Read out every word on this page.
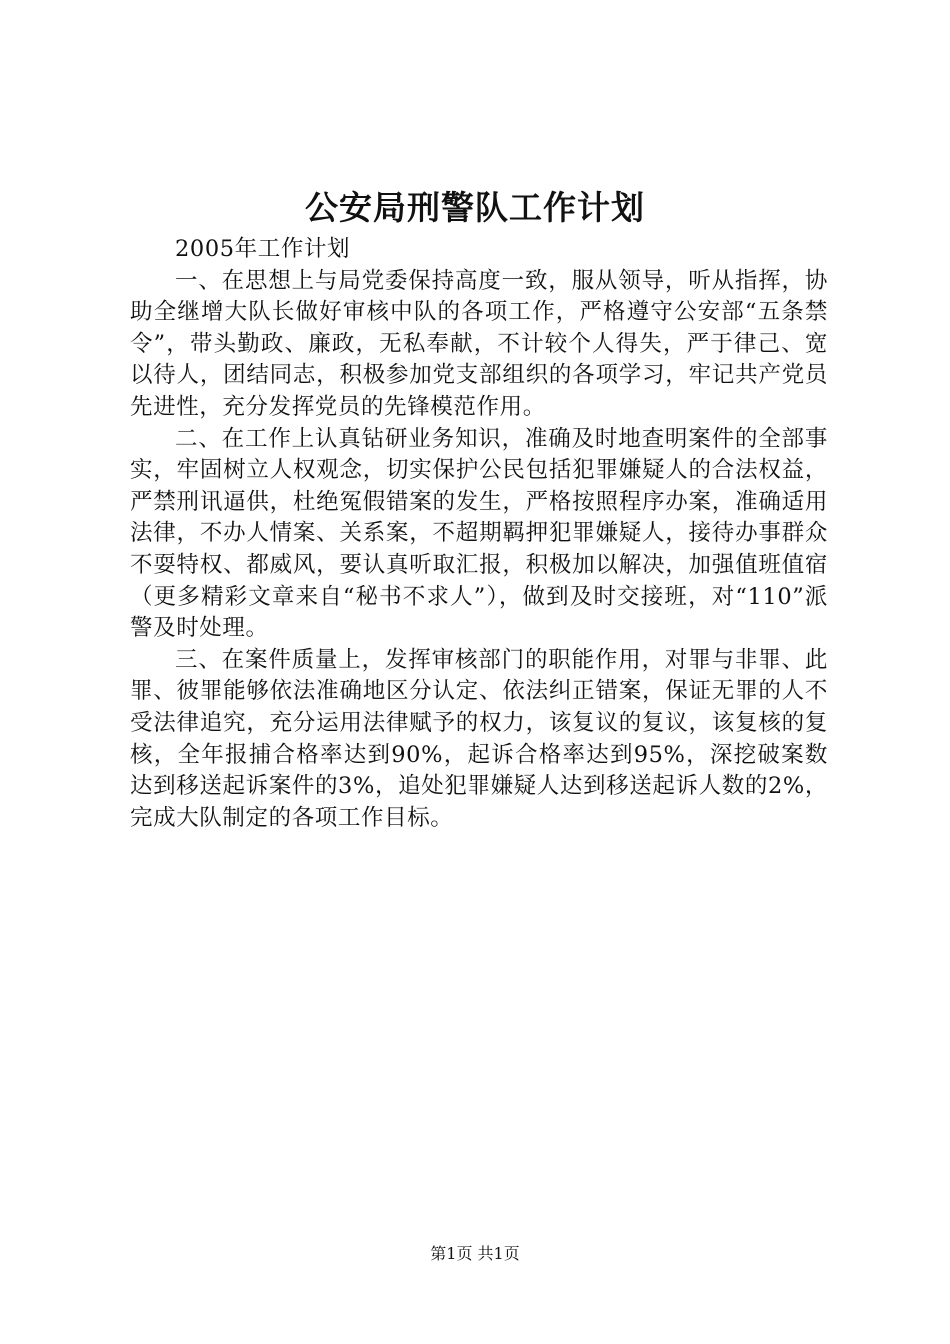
公安局刑警队工作计划

2005年工作计划

一、在思想上与局党委保持高度一致，服从领导，听从指挥，协助全继增大队长做好审核中队的各项工作，严格遵守公安部“五条禁令”，带头勤政、廉政，无私奉献，不计较个人得失，严于律己、宽以待人，团结同志，积极参加党支部组织的各项学习，牢记共产党员先进性，充分发挥党员的先锋模范作用。

二、在工作上认真钻研业务知识，准确及时地查明案件的全部事实，牢固树立人权观念，切实保护公民包括犯罪嫌疑人的合法权益，严禁刑讯逼供，杜绝冤假错案的发生，严格按照程序办案，准确适用法律，不办人情案、关系案，不超期羁押犯罪嫌疑人，接待办事群众不耍特权、都威风，要认真听取汇报，积极加以解决，加强值班值宿（更多精彩文章来自“秘书不求人”），做到及时交接班，对“110”派警及时处理。

三、在案件质量上，发挥审核部门的职能作用，对罪与非罪、此罪、彼罪能够依法准确地区分认定、依法纠正错案，保证无罪的人不受法律追究，充分运用法律赋予的权力，该复议的复议，该复核的复核，全年报捕合格率达到90%，起诉合格率达到95%，深挖破案数达到移送起诉案件的3%，追处犯罪嫌疑人达到移送起诉人数的2%，完成大队制定的各项工作目标。

第1页 共1页
